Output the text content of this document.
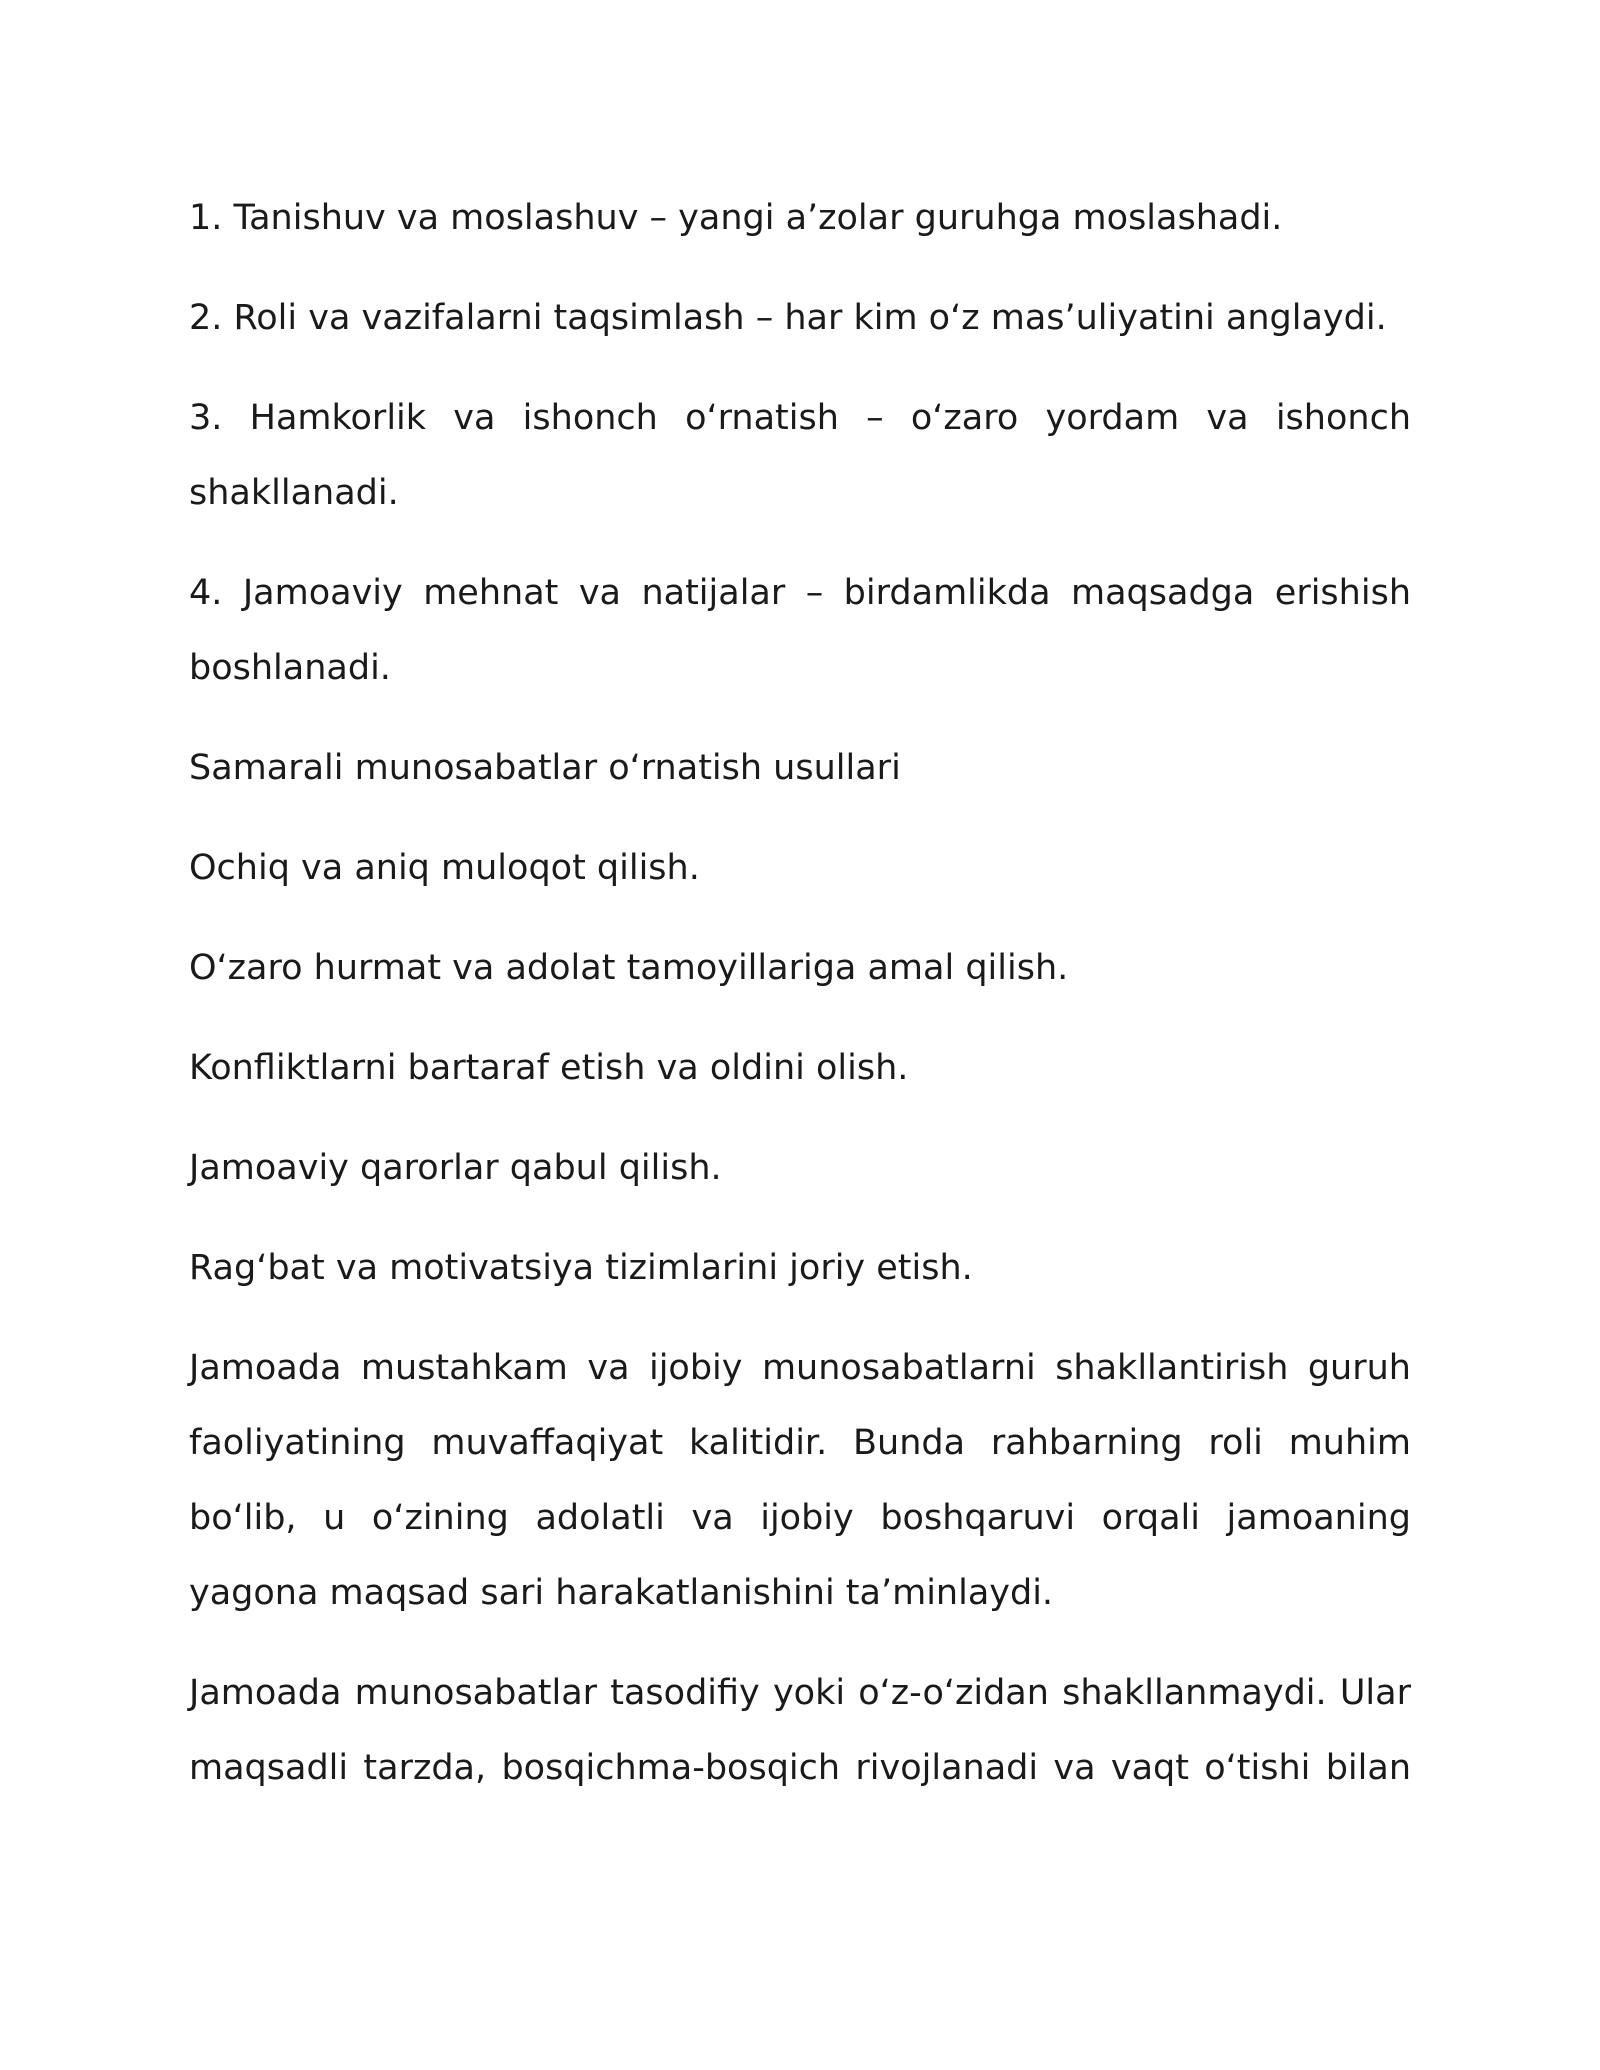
1. Tanishuv va moslashuv – yangi a’zolar guruhga moslashadi.

2. Roli va vazifalarni taqsimlash – har kim o‘z mas’uliyatini anglaydi.

3. Hamkorlik va ishonch o‘rnatish – o‘zaro yordam va ishonch shakllanadi.

4. Jamoaviy mehnat va natijalar – birdamlikda maqsadga erishish boshlanadi.

Samarali munosabatlar o‘rnatish usullari

Ochiq va aniq muloqot qilish.

O‘zaro hurmat va adolat tamoyillariga amal qilish.

Konfliktlarni bartaraf etish va oldini olish.

Jamoaviy qarorlar qabul qilish.

Rag‘bat va motivatsiya tizimlarini joriy etish.

Jamoada mustahkam va ijobiy munosabatlarni shakllantirish guruh faoliyatining muvaffaqiyat kalitidir. Bunda rahbarning roli muhim bo‘lib, u o‘zining adolatli va ijobiy boshqaruvi orqali jamoaning yagona maqsad sari harakatlanishini ta’minlaydi.

Jamoada munosabatlar tasodifiy yoki o‘z-o‘zidan shakllanmaydi. Ular maqsadli tarzda, bosqichma-bosqich rivojlanadi va vaqt o‘tishi bilan
